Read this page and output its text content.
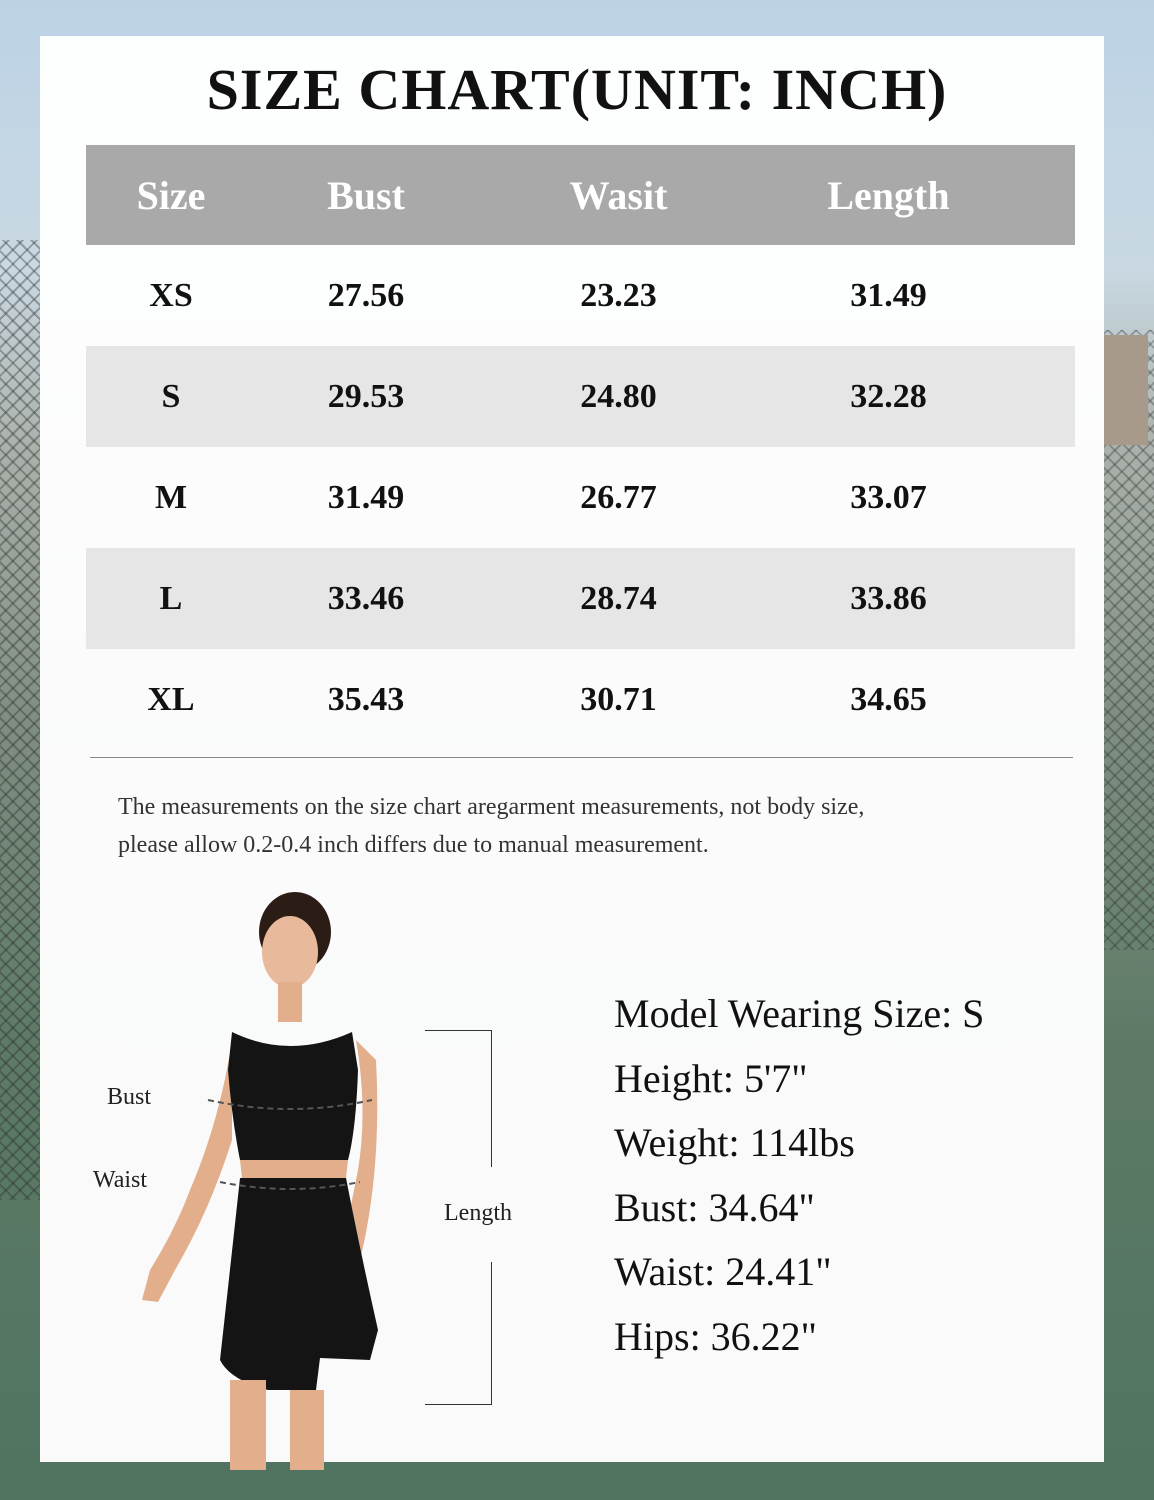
SIZE CHART(UNIT: INCH)
Size	Bust	Wasit	Length
XS	27.56	23.23	31.49
S	29.53	24.80	32.28
M	31.49	26.77	33.07
L	33.46	28.74	33.86
XL	35.43	30.71	34.65
The measurements on the size chart aregarment measurements, not body size,
please allow 0.2-0.4 inch differs due to manual measurement.
Bust
Waist
Length
Model Wearing Size: S
Height: 5'7"
Weight: 114lbs
Bust: 34.64"
Waist: 24.41"
Hips: 36.22"
